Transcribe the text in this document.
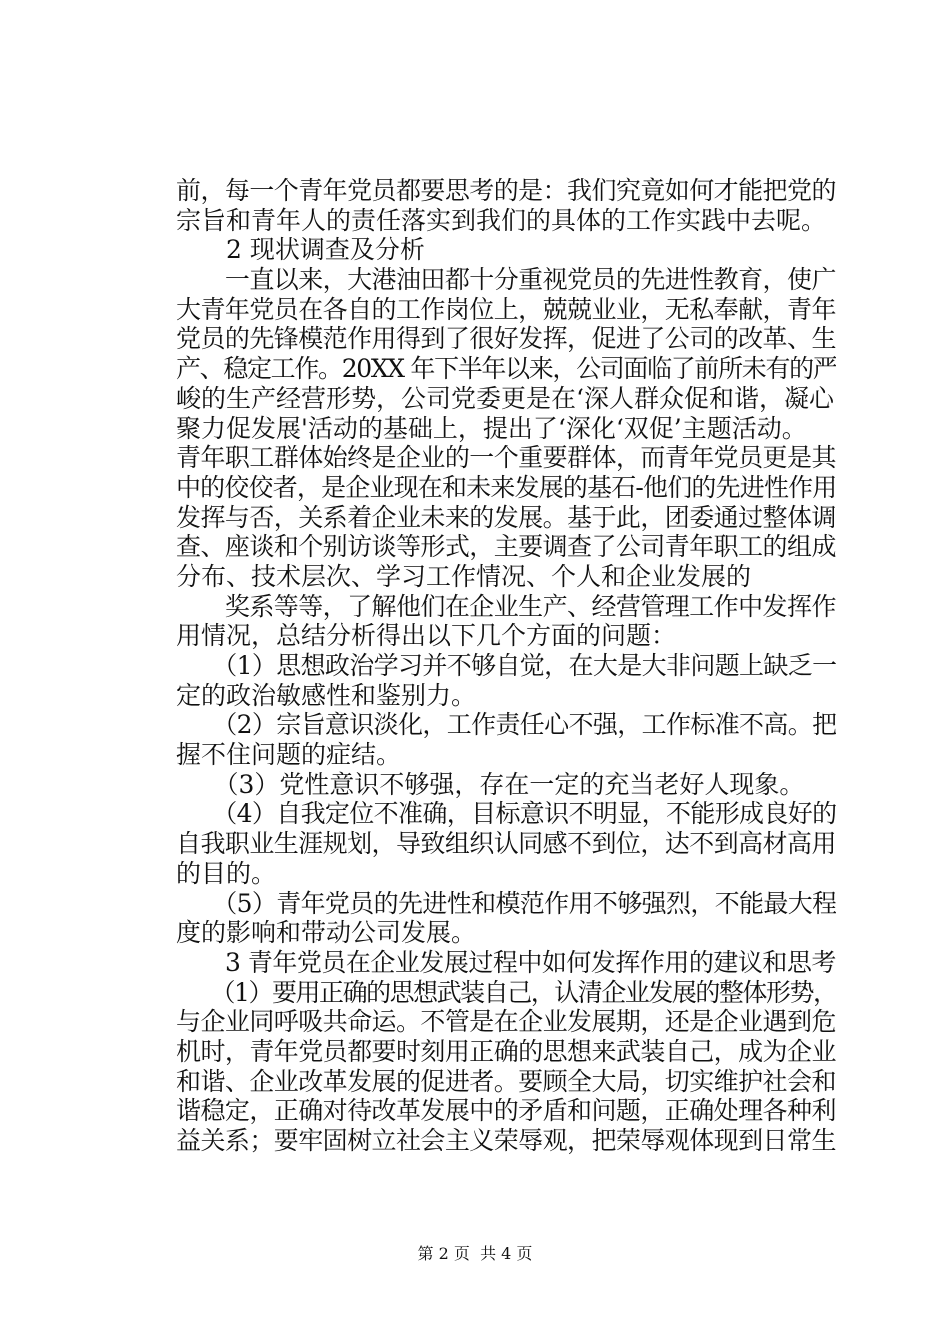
前，每一个青年党员都要思考的是：我们究竟如何才能把党的
宗旨和青年人的责任落实到我们的具体的工作实践中去呢。
　　2 现状调查及分析
　　一直以来，大港油田都十分重视党员的先进性教育，使广
大青年党员在各自的工作岗位上，兢兢业业，无私奉献，青年
党员的先锋模范作用得到了很好发挥，促进了公司的改革、生
产、稳定工作。20XX 年下半年以来，公司面临了前所未有的严
峻的生产经营形势，公司党委更是在‘深人群众促和谐，凝心
聚力促发展'活动的基础上，提出了‘深化‘双促’主题活动。
青年职工群体始终是企业的一个重要群体，而青年党员更是其
中的佼佼者，是企业现在和未来发展的基石-他们的先进性作用
发挥与否，关系着企业未来的发展。基于此，团委通过整体调
查、座谈和个别访谈等形式，主要调查了公司青年职工的组成
分布、技术层次、学习工作情况、个人和企业发展的
　　奖系等等，了解他们在企业生产、经营管理工作中发挥作
用情况，总结分析得出以下几个方面的问题：
　　（1）思想政治学习并不够自觉，在大是大非问题上缺乏一
定的政治敏感性和鉴别力。
　　（2）宗旨意识淡化，工作责任心不强，工作标准不高。把
握不住问题的症结。
　　（3）党性意识不够强，存在一定的充当老好人现象。
　　（4）自我定位不准确，目标意识不明显，不能形成良好的
自我职业生涯规划，导致组织认同感不到位，达不到高材高用
的目的。
　　（5）青年党员的先进性和模范作用不够强烈，不能最大程
度的影响和带动公司发展。
　　3 青年党员在企业发展过程中如何发挥作用的建议和思考
　　（1）要用正确的思想武装自己，认清企业发展的整体形势，
与企业同呼吸共命运。不管是在企业发展期，还是企业遇到危
机时，青年党员都要时刻用正确的思想来武装自己，成为企业
和谐、企业改革发展的促进者。要顾全大局，切实维护社会和
谐稳定，正确对待改革发展中的矛盾和问题，正确处理各种利
益关系；要牢固树立社会主义荣辱观，把荣辱观体现到日常生
第 2 页  共 4 页
